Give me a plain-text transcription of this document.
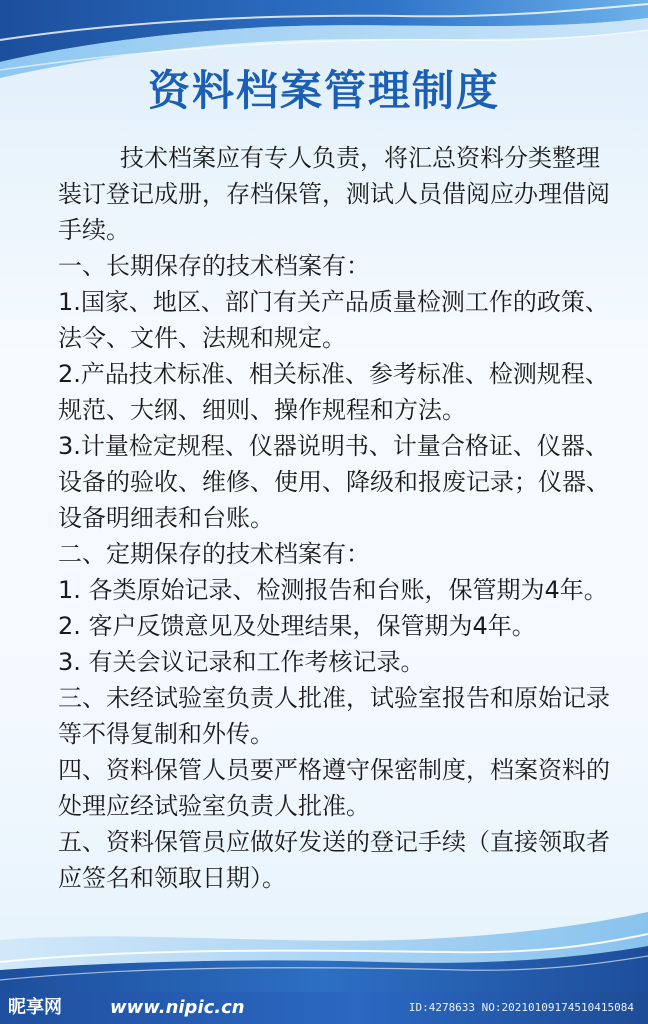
资料档案管理制度

技术档案应有专人负责，将汇总资料分类整理装订登记成册，存档保管，测试人员借阅应办理借阅手续。

一、长期保存的技术档案有：

1.国家、地区、部门有关产品质量检测工作的政策、法令、文件、法规和规定。

2.产品技术标准、相关标准、参考标准、检测规程、规范、大纲、细则、操作规程和方法。

3.计量检定规程、仪器说明书、计量合格证、仪器、设备的验收、维修、使用、降级和报废记录；仪器、设备明细表和台账。

二、定期保存的技术档案有：

1. 各类原始记录、检测报告和台账，保管期为4年。

2. 客户反馈意见及处理结果，保管期为4年。

3. 有关会议记录和工作考核记录。

三、未经试验室负责人批准，试验室报告和原始记录等不得复制和外传。

四、资料保管人员要严格遵守保密制度，档案资料的处理应经试验室负责人批准。

五、资料保管员应做好发送的登记手续（直接领取者应签名和领取日期）。

昵享网	www.nipic.cn	ID:4278633 NO:20210109174510415084
